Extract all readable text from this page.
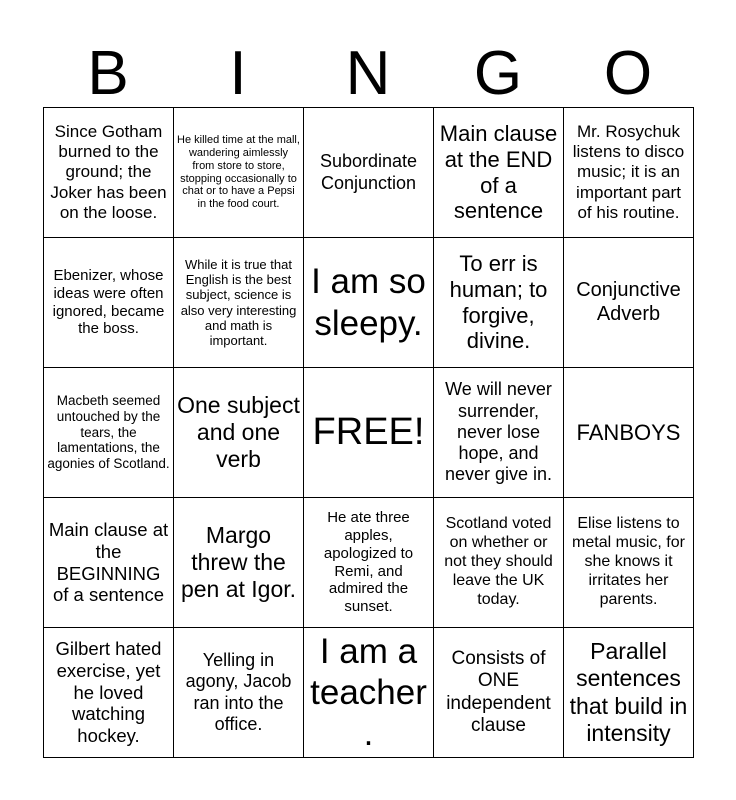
B	I	N	G	O
Since Gotham burned to the ground; the Joker has been on the loose.	He killed time at the mall, wandering aimlessly from store to store, stopping occasionally to chat or to have a Pepsi in the food court.	Subordinate Conjunction	Main clause at the END of a sentence	Mr. Rosychuk listens to disco music; it is an important part of his routine.
Ebenizer, whose ideas were often ignored, became the boss.	While it is true that English is the best subject, science is also very interesting and math is important.	I am so sleepy.	To err is human; to forgive, divine.	Conjunctive Adverb
Macbeth seemed untouched by the tears, the lamentations, the agonies of Scotland.	One subject and one verb	FREE!	We will never surrender, never lose hope, and never give in.	FANBOYS
Main clause at the BEGINNING of a sentence	Margo threw the pen at Igor.	He ate three apples, apologized to Remi, and admired the sunset.	Scotland voted on whether or not they should leave the UK today.	Elise listens to metal music, for she knows it irritates her parents.
Gilbert hated exercise, yet he loved watching hockey.	Yelling in agony, Jacob ran into the office.	I am a teacher.	Consists of ONE independent clause	Parallel sentences that build in intensity
